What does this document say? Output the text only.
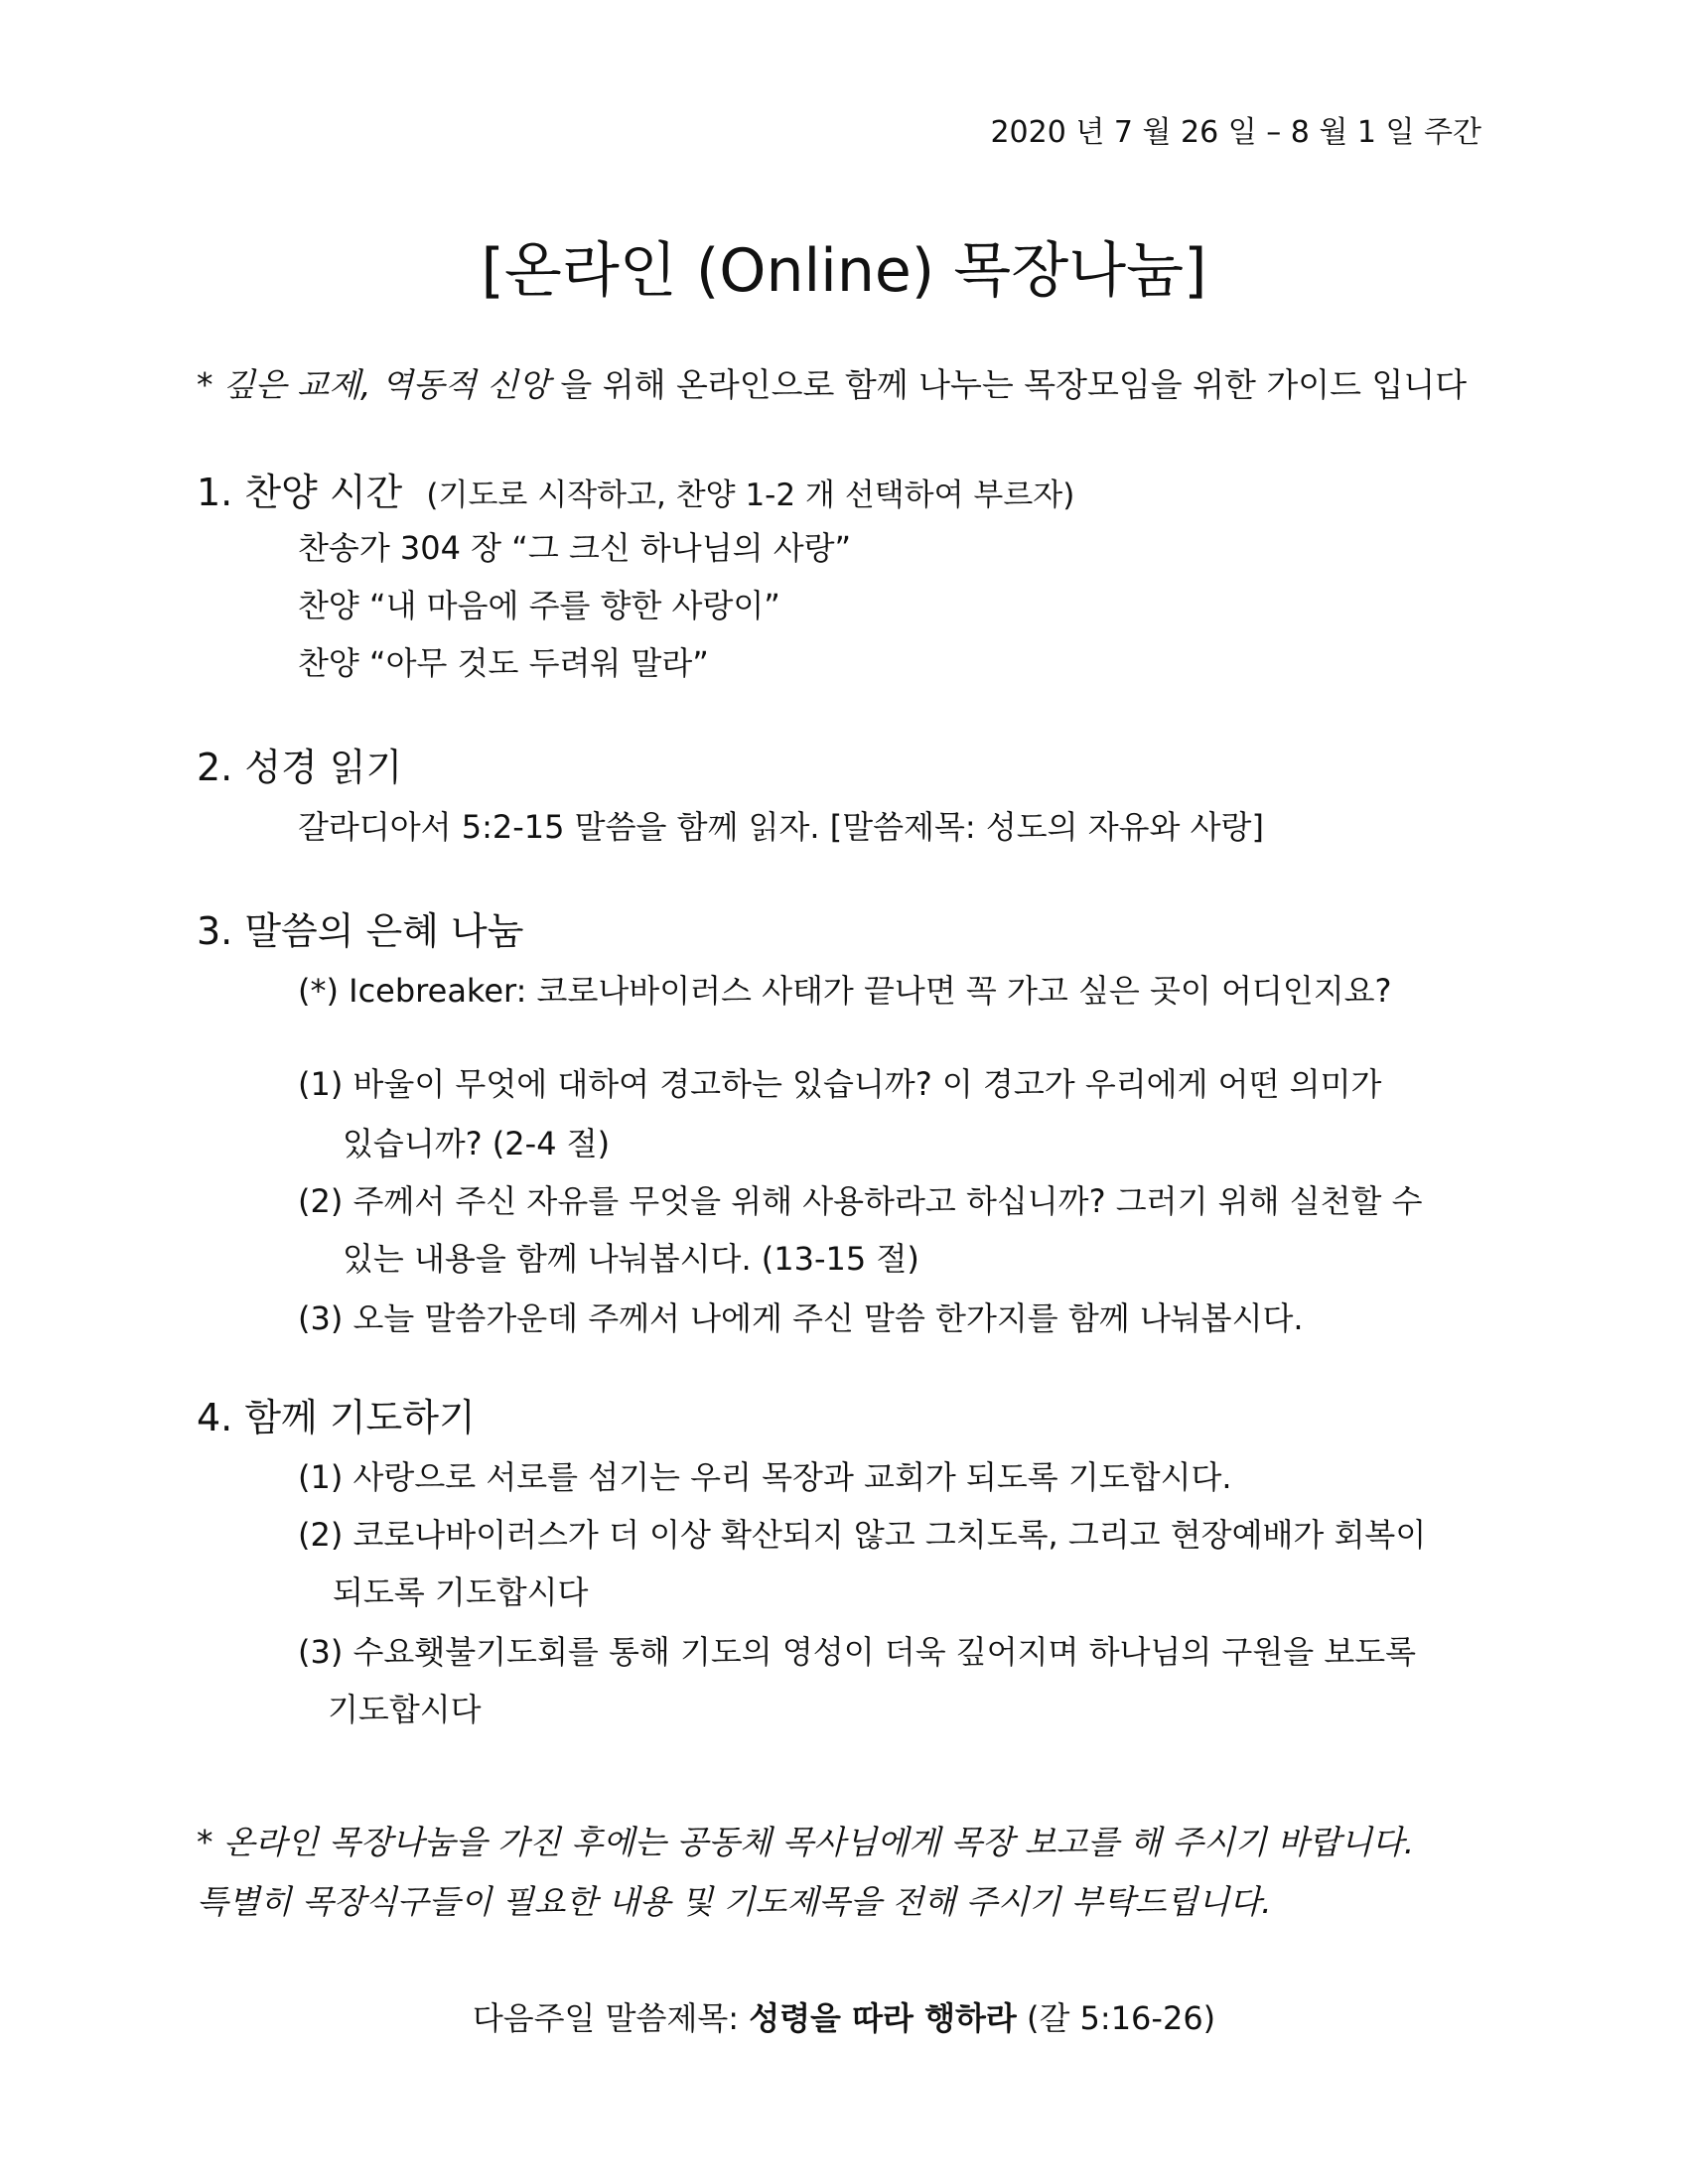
2020 년 7 월 26 일 – 8 월 1 일 주간
[온라인 (Online) 목장나눔]
* 깊은 교제, 역동적 신앙 을 위해 온라인으로 함께 나누는 목장모임을 위한 가이드 입니다
1. 찬양 시간 (기도로 시작하고, 찬양 1-2 개 선택하여 부르자)
찬송가 304 장 “그 크신 하나님의 사랑”
찬양 “내 마음에 주를 향한 사랑이”
찬양 “아무 것도 두려워 말라”
2. 성경 읽기
갈라디아서 5:2-15 말씀을 함께 읽자. [말씀제목: 성도의 자유와 사랑]
3. 말씀의 은혜 나눔
(*) Icebreaker: 코로나바이러스 사태가 끝나면 꼭 가고 싶은 곳이 어디인지요?
(1) 바울이 무엇에 대하여 경고하는 있습니까? 이 경고가 우리에게 어떤 의미가
있습니까? (2-4 절)
(2) 주께서 주신 자유를 무엇을 위해 사용하라고 하십니까? 그러기 위해 실천할 수
있는 내용을 함께 나눠봅시다. (13-15 절)
(3) 오늘 말씀가운데 주께서 나에게 주신 말씀 한가지를 함께 나눠봅시다.
4. 함께 기도하기
(1) 사랑으로 서로를 섬기는 우리 목장과 교회가 되도록 기도합시다.
(2) 코로나바이러스가 더 이상 확산되지 않고 그치도록, 그리고 현장예배가 회복이
되도록 기도합시다
(3) 수요횃불기도회를 통해 기도의 영성이 더욱 깊어지며 하나님의 구원을 보도록
기도합시다
* 온라인 목장나눔을 가진 후에는 공동체 목사님에게 목장 보고를 해 주시기 바랍니다.
특별히 목장식구들이 필요한 내용 및 기도제목을 전해 주시기 부탁드립니다.
다음주일 말씀제목: 성령을 따라 행하라 (갈 5:16-26)
